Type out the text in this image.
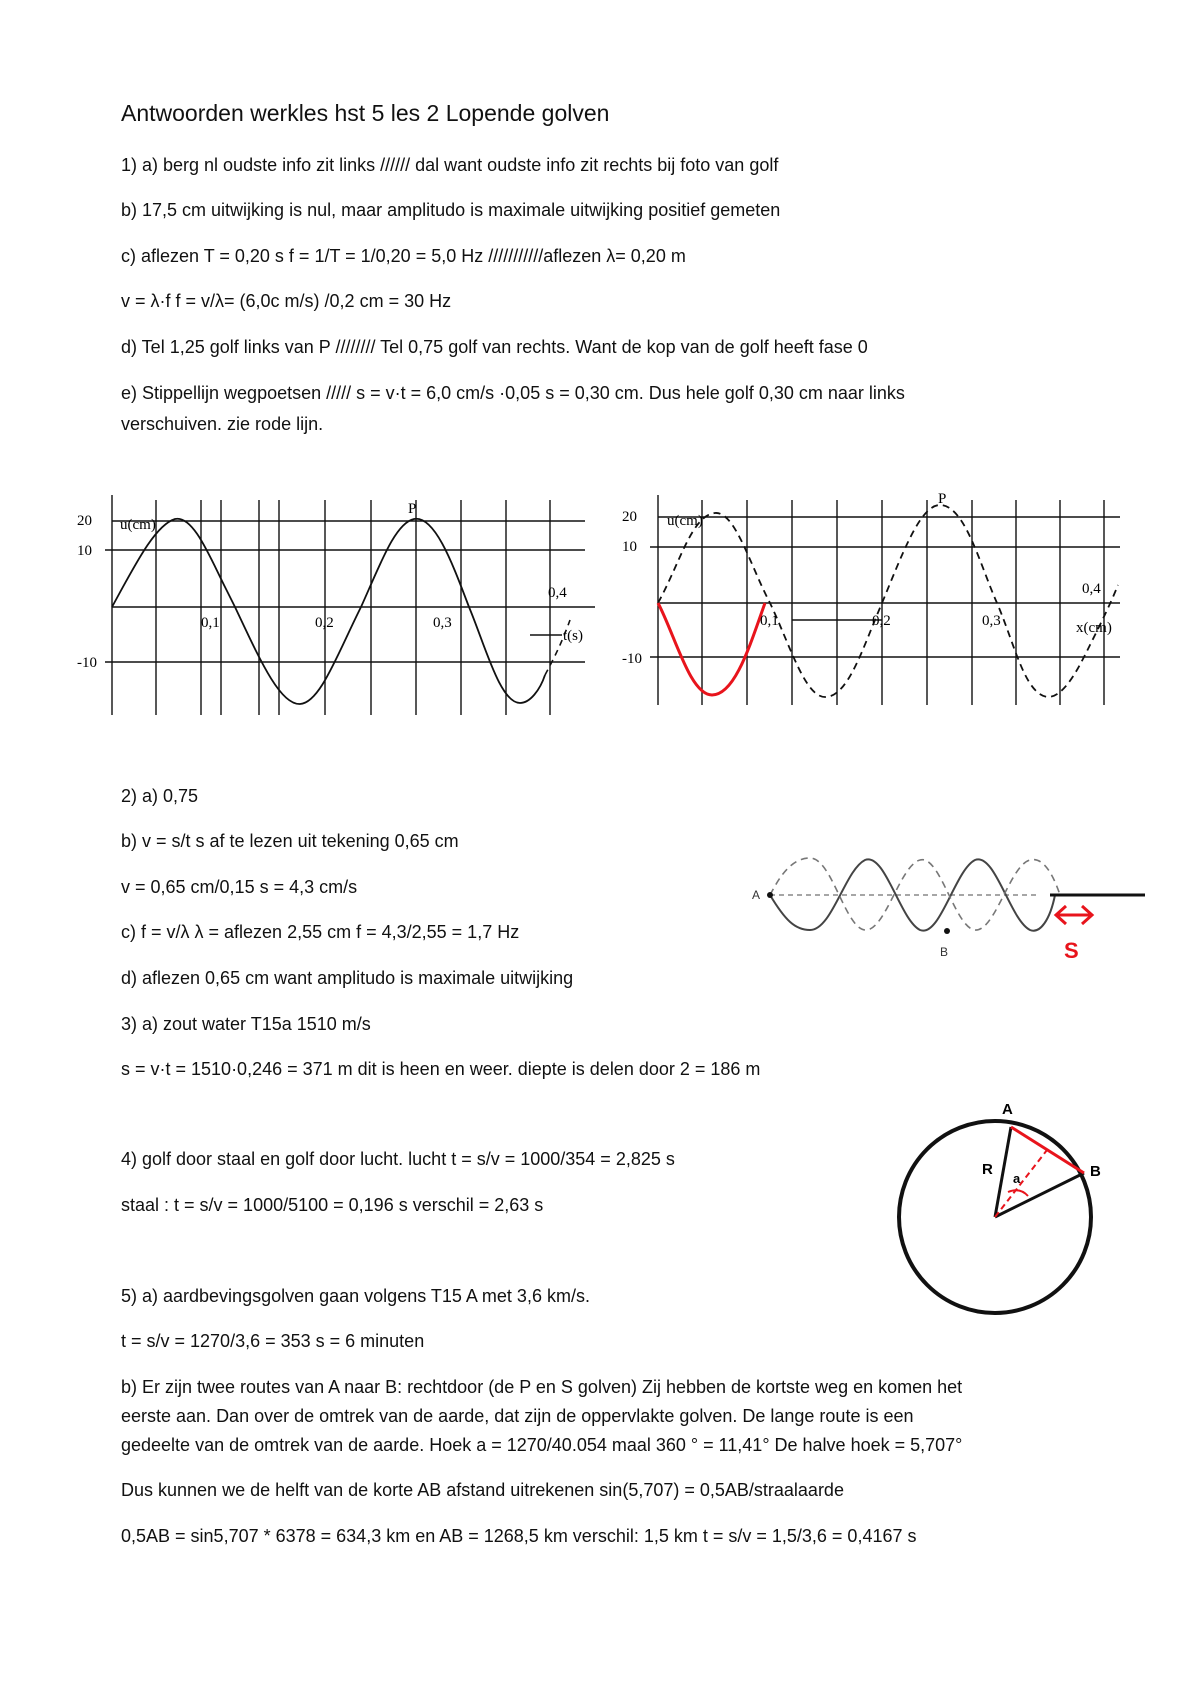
Antwoorden werkles hst 5 les 2 Lopende golven
1) a) berg nl oudste info zit links ////// dal want oudste info zit rechts bij foto van golf
b) 17,5 cm uitwijking is nul, maar amplitudo is maximale uitwijking positief gemeten
c) aflezen T = 0,20 s f = 1/T = 1/0,20 = 5,0 Hz ///////////aflezen λ= 0,20 m
v = λ·f f = v/λ= (6,0c m/s) /0,2 cm = 30 Hz
d) Tel 1,25 golf links van P //////// Tel 0,75 golf van rechts. Want de kop van de golf heeft fase 0
e) Stippellijn wegpoetsen ///// s = v·t = 6,0 cm/s ·0,05 s = 0,30 cm. Dus hele golf 0,30 cm naar links
verschuiven. zie rode lijn.
20
10
-10
u(cm)
0,1	0,2	0,3
0,4
t(s)
P	20
10
-10
u(cm)
0,1	0,2	0,3
0,4
x(cm)
P
2) a) 0,75
b) v = s/t s af te lezen uit tekening 0,65 cm
v = 0,65 cm/0,15 s = 4,3 cm/s
c) f = v/λ λ = aflezen 2,55 cm f = 4,3/2,55 = 1,7 Hz
d) aflezen 0,65 cm want amplitudo is maximale uitwijking
3) a) zout water T15a 1510 m/s
s = v·t = 1510·0,246 = 371 m dit is heen en weer. diepte is delen door 2 = 186 m
A
B	S
4) golf door staal en golf door lucht. lucht t = s/v = 1000/354 = 2,825 s
staal : t = s/v = 1000/5100 = 0,196 s verschil = 2,63 s
A
B
R
a
5) a) aardbevingsgolven gaan volgens T15 A met 3,6 km/s.
t = s/v = 1270/3,6 = 353 s = 6 minuten
b) Er zijn twee routes van A naar B: rechtdoor (de P en S golven) Zij hebben de kortste weg en komen het
eerste aan. Dan over de omtrek van de aarde, dat zijn de oppervlakte golven. De lange route is een
gedeelte van de omtrek van de aarde. Hoek a = 1270/40.054 maal 360 ° = 11,41° De halve hoek = 5,707°
Dus kunnen we de helft van de korte AB afstand uitrekenen sin(5,707) = 0,5AB/straalaarde
0,5AB = sin5,707 * 6378 = 634,3 km en AB = 1268,5 km verschil: 1,5 km t = s/v = 1,5/3,6 = 0,4167 s
